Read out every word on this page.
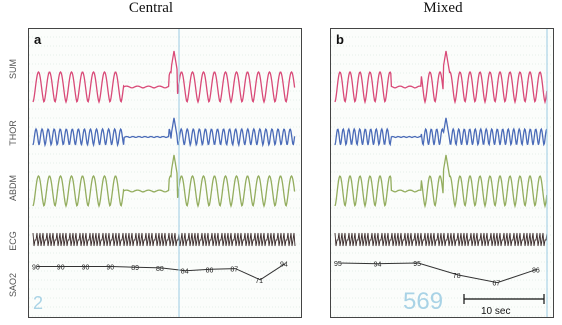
Central	Mixed
a
90 90 90 90 89 88 84 86 87
71
94
2
b
95	94	95
78
67
86
569	10 sec
SUM
THOR
ABDM
ECG
SAO2
